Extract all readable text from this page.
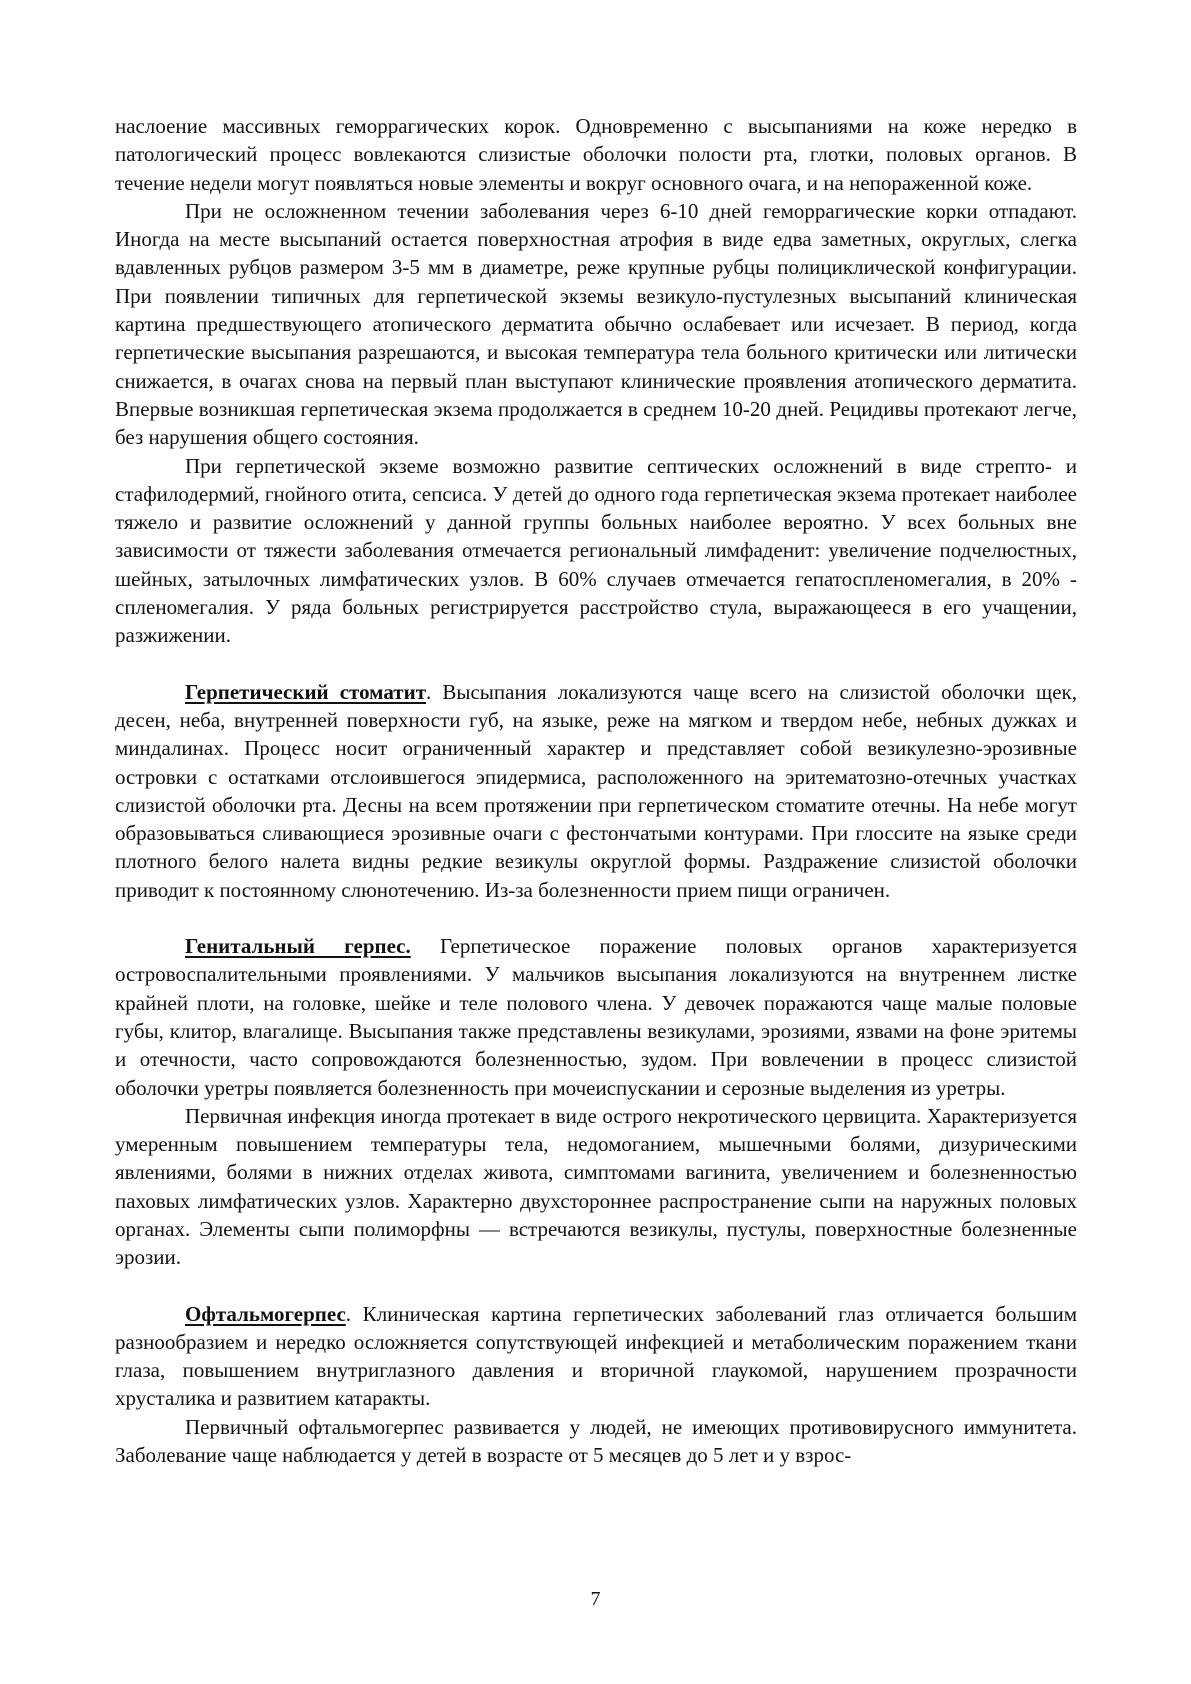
наслоение массивных геморрагических корок. Одновременно с высыпаниями на коже нередко в патологический процесс вовлекаются слизистые оболочки полости рта, глотки, половых органов. В течение недели могут появляться новые элементы и вокруг основного очага, и на непораженной коже.

При не осложненном течении заболевания через 6-10 дней геморрагические корки отпадают. Иногда на месте высыпаний остается поверхностная атрофия в виде едва заметных, округлых, слегка вдавленных рубцов размером 3-5 мм в диаметре, реже крупные рубцы полициклической конфигурации. При появлении типичных для герпетической экземы везикуло-пустулезных высыпаний клиническая картина предшествующего атопического дерматита обычно ослабевает или исчезает. В период, когда герпетические высыпания разрешаются, и высокая температура тела больного критически или литически снижается, в очагах снова на первый план выступают клинические проявления атопического дерматита. Впервые возникшая герпетическая экзема продолжается в среднем 10-20 дней. Рецидивы протекают легче, без нарушения общего состояния.

При герпетической экземе возможно развитие септических осложнений в виде стрепто- и стафилодермий, гнойного отита, сепсиса. У детей до одного года герпетическая экзема протекает наиболее тяжело и развитие осложнений у данной группы больных наиболее вероятно. У всех больных вне зависимости от тяжести заболевания отмечается региональный лимфаденит: увеличение подчелюстных, шейных, затылочных лимфатических узлов. В 60% случаев отмечается гепатоспленомегалия, в 20% - спленомегалия. У ряда больных регистрируется расстройство стула, выражающееся в его учащении, разжижении.

Герпетический стоматит. Высыпания локализуются чаще всего на слизистой оболочки щек, десен, неба, внутренней поверхности губ, на языке, реже на мягком и твердом небе, небных дужках и миндалинах. Процесс носит ограниченный характер и представляет собой везикулезно-эрозивные островки с остатками отслоившегося эпидермиса, расположенного на эритематозно-отечных участках слизистой оболочки рта. Десны на всем протяжении при герпетическом стоматите отечны. На небе могут образовываться сливающиеся эрозивные очаги с фестончатыми контурами. При глоссите на языке среди плотного белого налета видны редкие везикулы округлой формы. Раздражение слизистой оболочки приводит к постоянному слюнотечению. Из-за болезненности прием пищи ограничен.

Генитальный герпес. Герпетическое поражение половых органов характеризуется островоспалительными проявлениями. У мальчиков высыпания локализуются на внутреннем листке крайней плоти, на головке, шейке и теле полового члена. У девочек поражаются чаще малые половые губы, клитор, влагалище. Высыпания также представлены везикулами, эрозиями, язвами на фоне эритемы и отечности, часто сопровождаются болезненностью, зудом. При вовлечении в процесс слизистой оболочки уретры появляется болезненность при мочеиспускании и серозные выделения из уретры.

Первичная инфекция иногда протекает в виде острого некротического цервицита. Характеризуется умеренным повышением температуры тела, недомоганием, мышечными болями, дизурическими явлениями, болями в нижних отделах живота, симптомами вагинита, увеличением и болезненностью паховых лимфатических узлов. Характерно двухстороннее распространение сыпи на наружных половых органах. Элементы сыпи полиморфны — встречаются везикулы, пустулы, поверхностные болезненные эрозии.

Офтальмогерпес. Клиническая картина герпетических заболеваний глаз отличается большим разнообразием и нередко осложняется сопутствующей инфекцией и метаболическим поражением ткани глаза, повышением внутриглазного давления и вторичной глаукомой, нарушением прозрачности хрусталика и развитием катаракты.

Первичный офтальмогерпес развивается у людей, не имеющих противовирусного иммунитета. Заболевание чаще наблюдается у детей в возрасте от 5 месяцев до 5 лет и у взрос-

7
